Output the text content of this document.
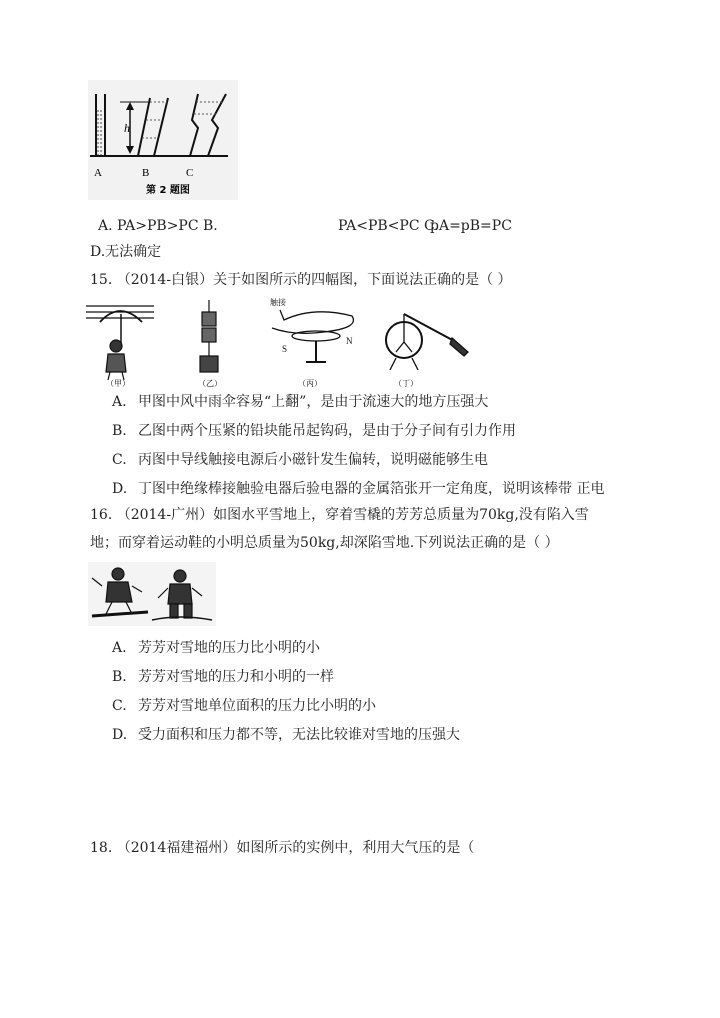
h
A	B	C
第 2 题图
A. PA>PB>PC B.	PA<PB<PC C.
pA=pB=PC
D.无法确定
15. （2014-白银）关于如图所示的四幅图，下面说法正确的是（ ）
触接
S
N
（甲）	（乙）	（丙）	（丁）
A. 甲图中风中雨伞容易“上翻”，是由于流速大的地方压强大
B. 乙图中两个压紧的铅块能吊起钩码，是由于分子间有引力作用
C. 丙图中导线触接电源后小磁针发生偏转，说明磁能够生电
D. 丁图中绝缘棒接触验电器后验电器的金属箔张开一定角度，说明该棒带 正电
16. （2014-广州）如图水平雪地上，穿着雪橇的芳芳总质量为70kg,没有陷入雪
地；而穿着运动鞋的小明总质量为50kg,却深陷雪地.下列说法正确的是（ ）
A. 芳芳对雪地的压力比小明的小
B. 芳芳对雪地的压力和小明的一样
C. 芳芳对雪地单位面积的压力比小明的小
D. 受力面积和压力都不等，无法比较谁对雪地的压强大
18. （2014福建福州）如图所示的实例中，利用大气压的是（
